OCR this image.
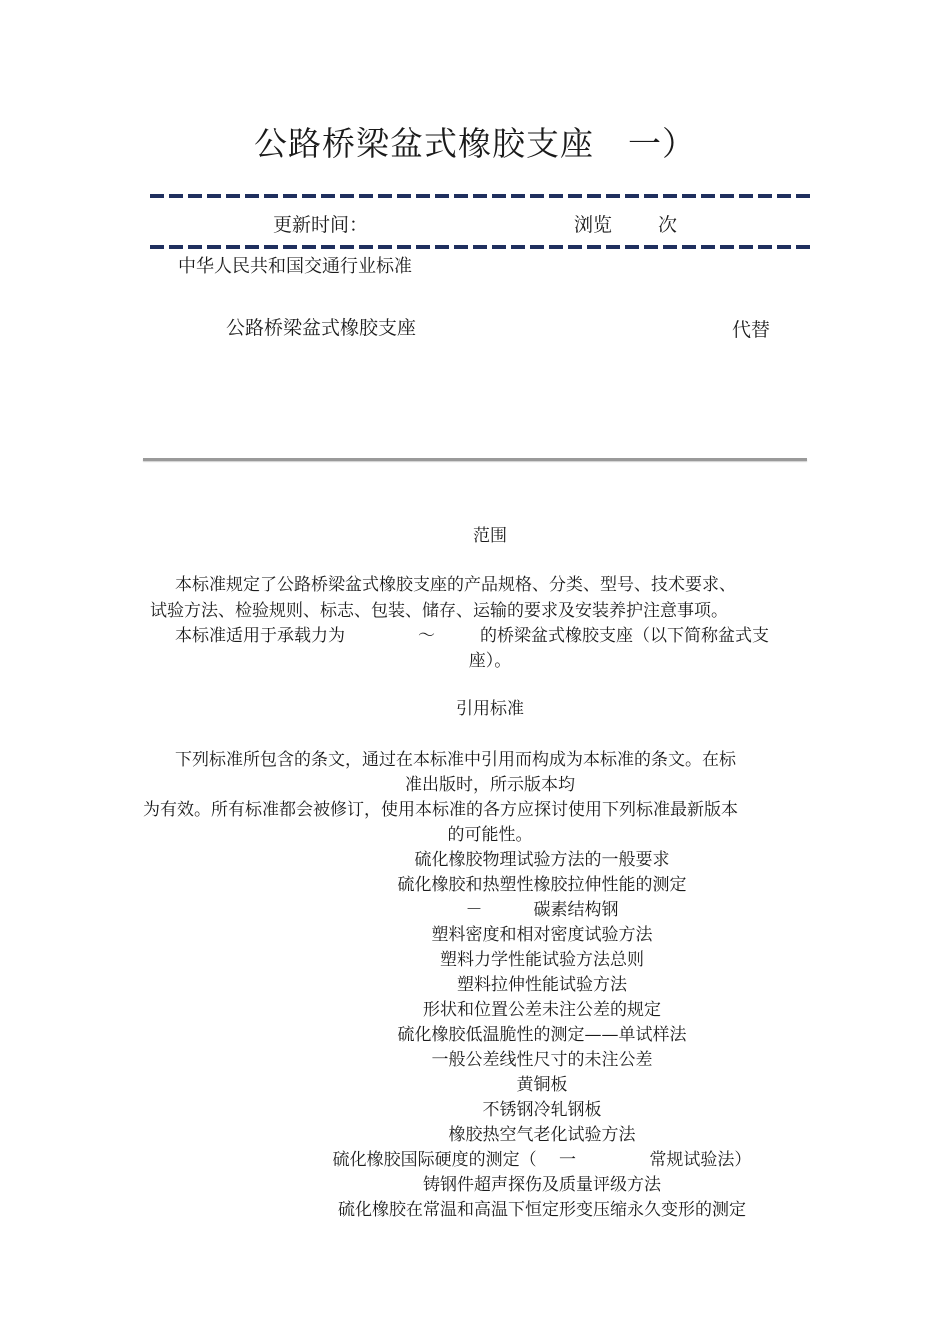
公路桥梁盆式橡胶支座　一）
更新时间：	浏览 次
中华人民共和国交通行业标准
公路桥梁盆式橡胶支座	代替
范围
本标准规定了公路桥梁盆式橡胶支座的产品规格、分类、型号、技术要求、
试验方法、检验规则、标志、包装、储存、运输的要求及安装养护注意事项。
本标准适用于承载力为	～	的桥梁盆式橡胶支座（以下简称盆式支
座）。
引用标准
下列标准所包含的条文，通过在本标准中引用而构成为本标准的条文。在标
准出版时，所示版本均
为有效。所有标准都会被修订，使用本标准的各方应探讨使用下列标准最新版本
的可能性。
硫化橡胶物理试验方法的一般要求
硫化橡胶和热塑性橡胶拉伸性能的测定
－　　　碳素结构钢
塑料密度和相对密度试验方法
塑料力学性能试验方法总则
塑料拉伸性能试验方法
形状和位置公差未注公差的规定
硫化橡胶低温脆性的测定——单试样法
一般公差线性尺寸的未注公差
黄铜板
不锈钢冷轧钢板
橡胶热空气老化试验方法
硫化橡胶国际硬度的测定（　 一　　　　 常规试验法）
铸钢件超声探伤及质量评级方法
硫化橡胶在常温和高温下恒定形变压缩永久变形的测定
